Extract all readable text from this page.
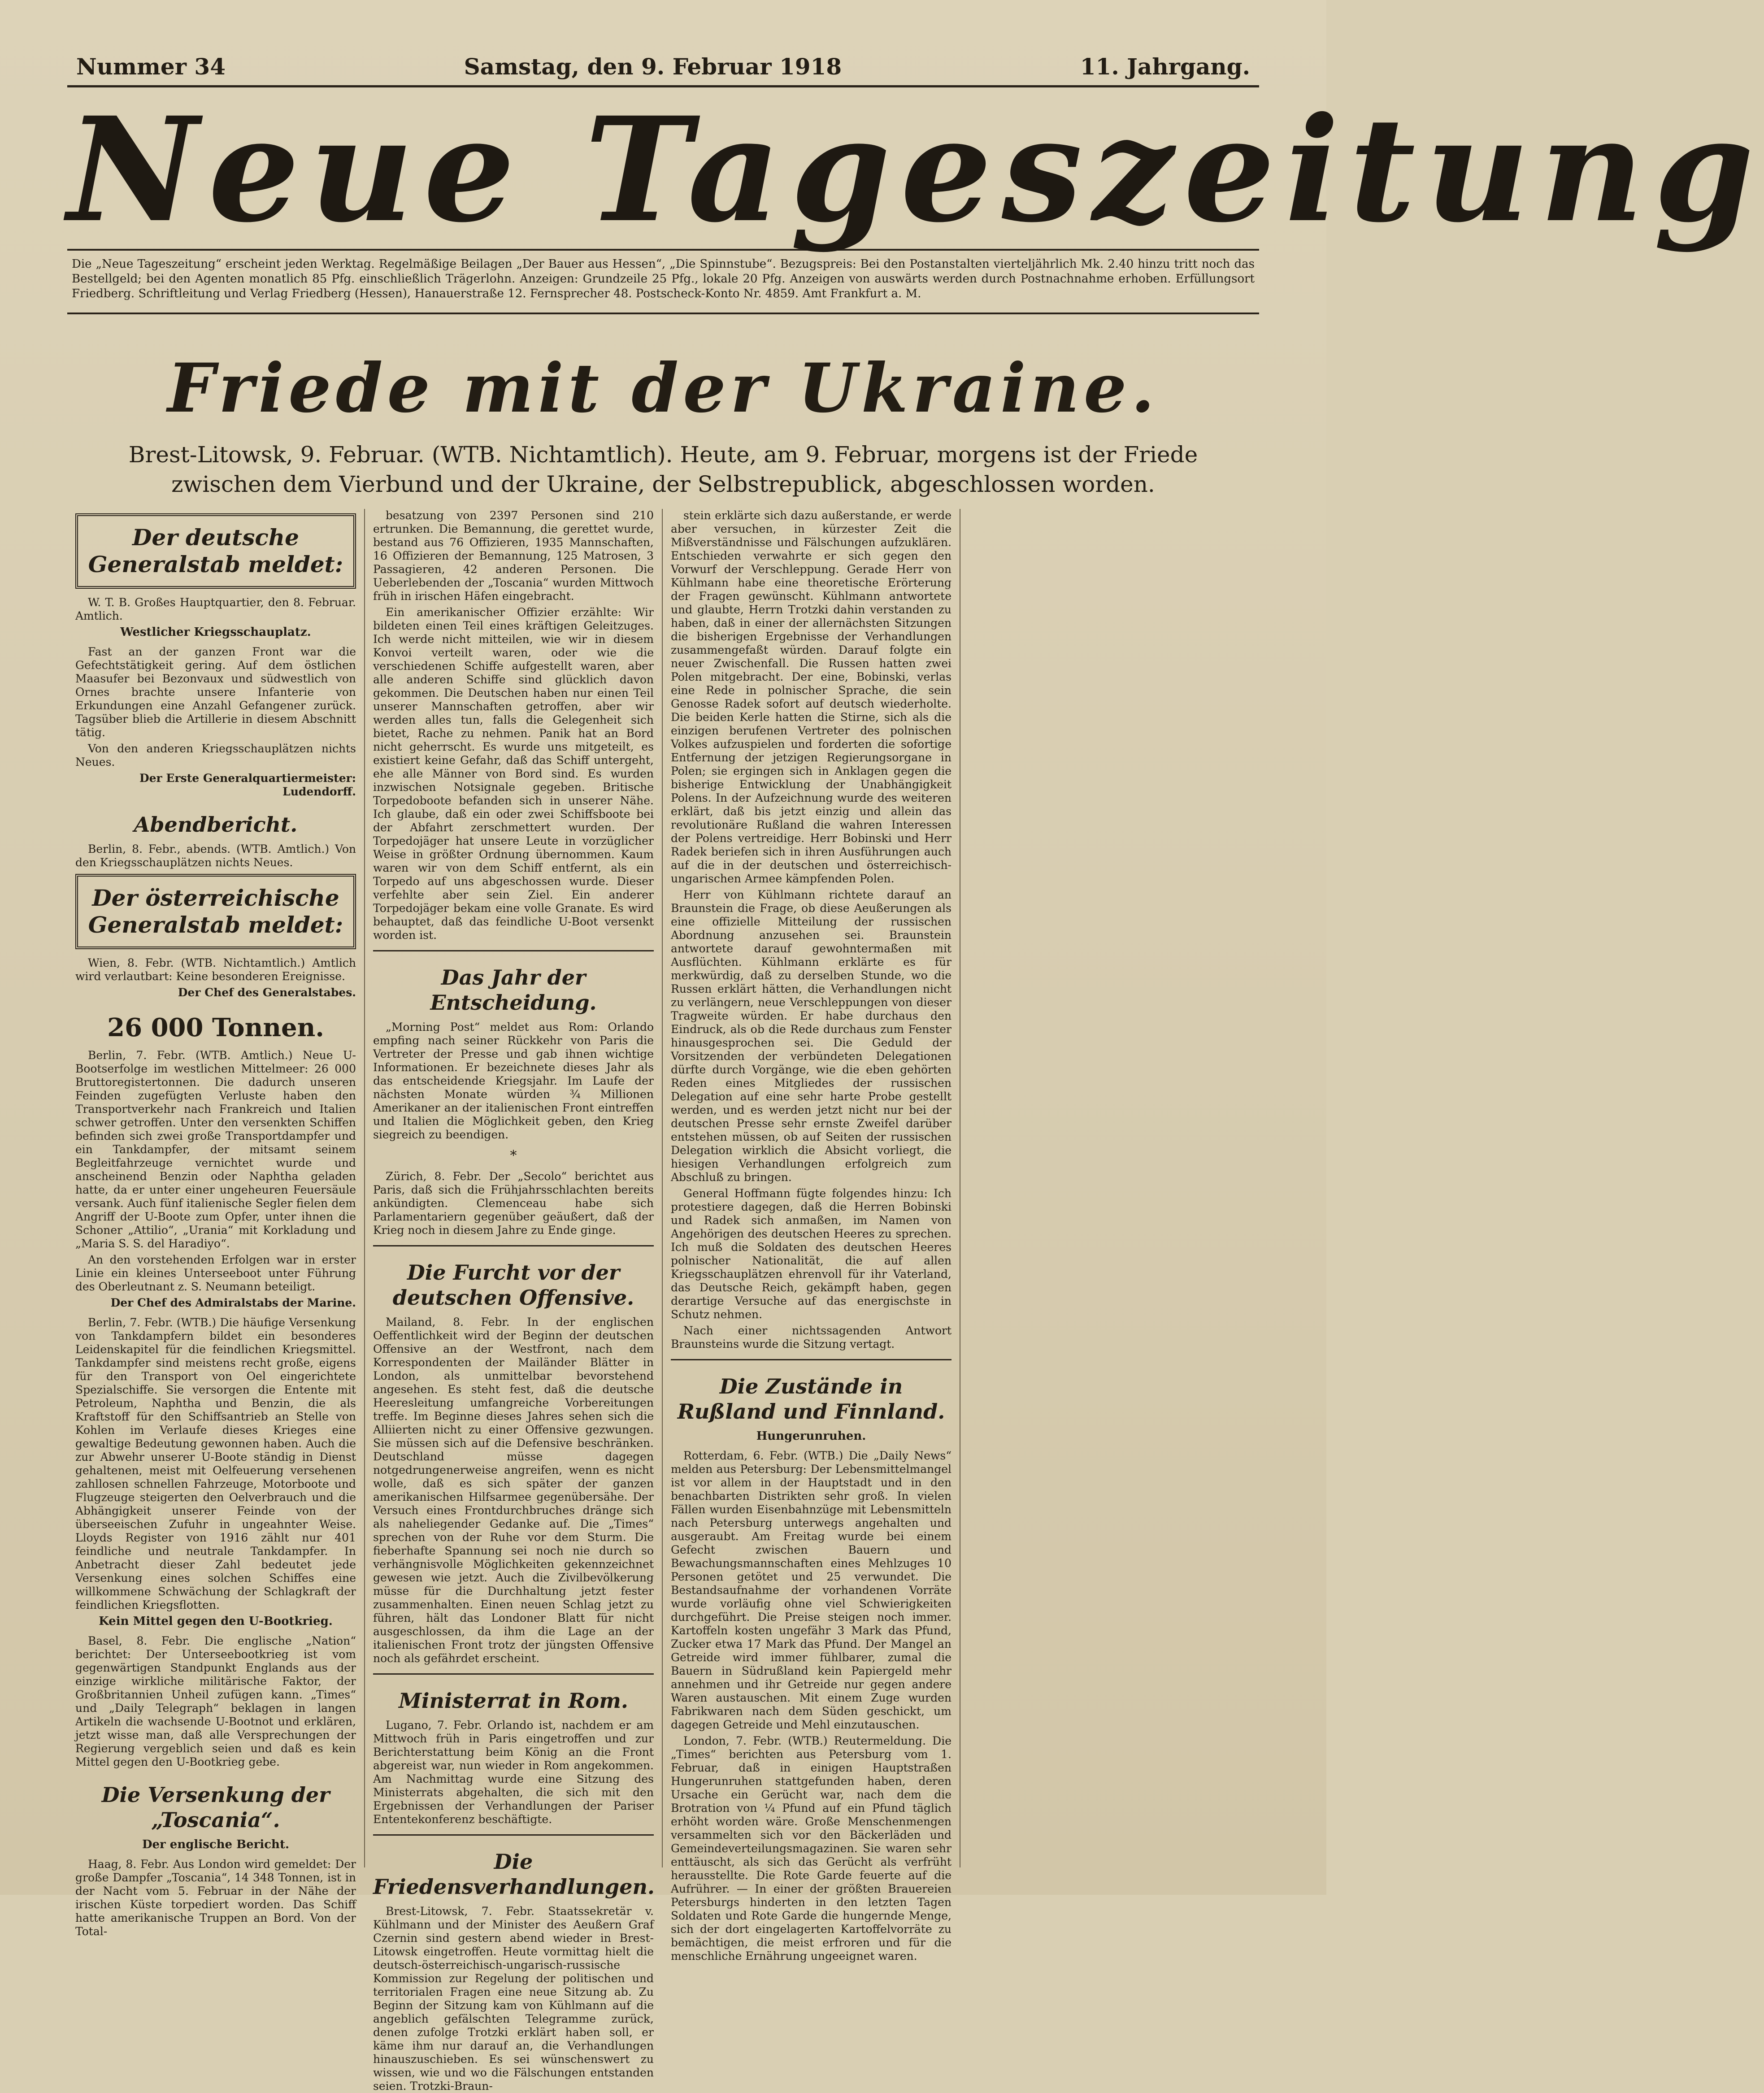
Nummer 34	Samstag, den 9. Februar 1918	11. Jahrgang.
Neue Tageszeitung
Die „Neue Tageszeitung“ erscheint jeden Werktag. Regelmäßige Beilagen „Der Bauer aus Hessen“, „Die Spinnstube“. Bezugspreis: Bei den Postanstalten vierteljährlich Mk. 2.40 hinzu tritt noch das Bestellgeld; bei den Agenten monatlich 85 Pfg. einschließlich Trägerlohn. Anzeigen: Grundzeile 25 Pfg., lokale 20 Pfg. Anzeigen von auswärts werden durch Postnachnahme erhoben. Erfüllungsort Friedberg. Schriftleitung und Verlag Friedberg (Hessen), Hanauerstraße 12. Fernsprecher 48. Postscheck-Konto Nr. 4859. Amt Frankfurt a. M.
Friede mit der Ukraine.
Brest-Litowsk, 9. Februar. (WTB. Nichtamtlich). Heute, am 9. Februar, morgens ist der Friede zwischen dem Vierbund und der Ukraine, der Selbstrepublick, abgeschlossen worden.
Der deutsche Generalstab meldet:

W. T. B. Großes Hauptquartier, den 8. Februar. Amtlich.

Westlicher Kriegsschauplatz.

Fast an der ganzen Front war die Gefechtstätigkeit gering. Auf dem östlichen Maasufer bei Bezonvaux und südwestlich von Ornes brachte unsere Infanterie von Erkundungen eine Anzahl Gefangener zurück. Tagsüber blieb die Artillerie in diesem Abschnitt tätig.

Von den anderen Kriegsschauplätzen nichts Neues.

Der Erste Generalquartiermeister: Ludendorff.
Abendbericht.

Berlin, 8. Febr., abends. (WTB. Amtlich.) Von den Kriegsschauplätzen nichts Neues.

Der österreichische Generalstab meldet:

Wien, 8. Febr. (WTB. Nichtamtlich.) Amtlich wird verlautbart: Keine besonderen Ereignisse.

Der Chef des Generalstabes.
26 000 Tonnen.

Berlin, 7. Febr. (WTB. Amtlich.) Neue U-Bootserfolge im westlichen Mittelmeer: 26 000 Bruttoregistertonnen. Die dadurch unseren Feinden zugefügten Verluste haben den Transportverkehr nach Frankreich und Italien schwer getroffen. Unter den versenkten Schiffen befinden sich zwei große Transportdampfer und ein Tankdampfer, der mitsamt seinem Begleitfahrzeuge vernichtet wurde und anscheinend Benzin oder Naphtha geladen hatte, da er unter einer ungeheuren Feuersäule versank. Auch fünf italienische Segler fielen dem Angriff der U-Boote zum Opfer, unter ihnen die Schoner „Attilio“, „Urania“ mit Korkladung und „Maria S. S. del Haradiyo“.

An den vorstehenden Erfolgen war in erster Linie ein kleines Unterseeboot unter Führung des Oberleutnant z. S. Neumann beteiligt.

Der Chef des Admiralstabs der Marine.

Berlin, 7. Febr. (WTB.) Die häufige Versenkung von Tankdampfern bildet ein besonderes Leidenskapitel für die feindlichen Kriegsmittel. Tankdampfer sind meistens recht große, eigens für den Transport von Oel eingerichtete Spezialschiffe. Sie versorgen die Entente mit Petroleum, Naphtha und Benzin, die als Kraftstoff für den Schiffsantrieb an Stelle von Kohlen im Verlaufe dieses Krieges eine gewaltige Bedeutung gewonnen haben. Auch die zur Abwehr unserer U-Boote ständig in Dienst gehaltenen, meist mit Oelfeuerung versehenen zahllosen schnellen Fahrzeuge, Motorboote und Flugzeuge steigerten den Oelverbrauch und die Abhängigkeit unserer Feinde von der überseeischen Zufuhr in ungeahnter Weise. Lloyds Register von 1916 zählt nur 401 feindliche und neutrale Tankdampfer. In Anbetracht dieser Zahl bedeutet jede Versenkung eines solchen Schiffes eine willkommene Schwächung der Schlagkraft der feindlichen Kriegsflotten.

Kein Mittel gegen den U-Bootkrieg.

Basel, 8. Febr. Die englische „Nation“ berichtet: Der Unterseebootkrieg ist vom gegenwärtigen Standpunkt Englands aus der einzige wirkliche militärische Faktor, der Großbritannien Unheil zufügen kann. „Times“ und „Daily Telegraph“ beklagen in langen Artikeln die wachsende U-Bootnot und erklären, jetzt wisse man, daß alle Versprechungen der Regierung vergeblich seien und daß es kein Mittel gegen den U-Bootkrieg gebe.

Die Versenkung der „Toscania“.
Der englische Bericht.

Haag, 8. Febr. Aus London wird gemeldet: Der große Dampfer „Toscania“, 14 348 Tonnen, ist in der Nacht vom 5. Februar in der Nähe der irischen Küste torpediert worden. Das Schiff hatte amerikanische Truppen an Bord. Von der Total-

besatzung von 2397 Personen sind 210 ertrunken. Die Bemannung, die gerettet wurde, bestand aus 76 Offizieren, 1935 Mannschaften, 16 Offizieren der Bemannung, 125 Matrosen, 3 Passagieren, 42 anderen Personen. Die Ueberlebenden der „Toscania“ wurden Mittwoch früh in irischen Häfen eingebracht.

Ein amerikanischer Offizier erzählte: Wir bildeten einen Teil eines kräftigen Geleitzuges. Ich werde nicht mitteilen, wie wir in diesem Konvoi verteilt waren, oder wie die verschiedenen Schiffe aufgestellt waren, aber alle anderen Schiffe sind glücklich davon gekommen. Die Deutschen haben nur einen Teil unserer Mannschaften getroffen, aber wir werden alles tun, falls die Gelegenheit sich bietet, Rache zu nehmen. Panik hat an Bord nicht geherrscht. Es wurde uns mitgeteilt, es existiert keine Gefahr, daß das Schiff untergeht, ehe alle Männer von Bord sind. Es wurden inzwischen Notsignale gegeben. Britische Torpedoboote befanden sich in unserer Nähe. Ich glaube, daß ein oder zwei Schiffsboote bei der Abfahrt zerschmettert wurden. Der Torpedojäger hat unsere Leute in vorzüglicher Weise in größter Ordnung übernommen. Kaum waren wir von dem Schiff entfernt, als ein Torpedo auf uns abgeschossen wurde. Dieser verfehlte aber sein Ziel. Ein anderer Torpedojäger bekam eine volle Granate. Es wird behauptet, daß das feindliche U-Boot versenkt worden ist.

Das Jahr der Entscheidung.

„Morning Post“ meldet aus Rom: Orlando empfing nach seiner Rückkehr von Paris die Vertreter der Presse und gab ihnen wichtige Informationen. Er bezeichnete dieses Jahr als das entscheidende Kriegsjahr. Im Laufe der nächsten Monate würden ¾ Millionen Amerikaner an der italienischen Front eintreffen und Italien die Möglichkeit geben, den Krieg siegreich zu beendigen.

*

Zürich, 8. Febr. Der „Secolo“ berichtet aus Paris, daß sich die Frühjahrsschlachten bereits ankündigten. Clemenceau habe sich Parlamentariern gegenüber geäußert, daß der Krieg noch in diesem Jahre zu Ende ginge.

Die Furcht vor der deutschen Offensive.

Mailand, 8. Febr. In der englischen Oeffentlichkeit wird der Beginn der deutschen Offensive an der Westfront, nach dem Korrespondenten der Mailänder Blätter in London, als unmittelbar bevorstehend angesehen. Es steht fest, daß die deutsche Heeresleitung umfangreiche Vorbereitungen treffe. Im Beginne dieses Jahres sehen sich die Alliierten nicht zu einer Offensive gezwungen. Sie müssen sich auf die Defensive beschränken. Deutschland müsse dagegen notgedrungenerweise angreifen, wenn es nicht wolle, daß es sich später der ganzen amerikanischen Hilfsarmee gegenübersähe. Der Versuch eines Frontdurchbruches dränge sich als naheliegender Gedanke auf. Die „Times“ sprechen von der Ruhe vor dem Sturm. Die fieberhafte Spannung sei noch nie durch so verhängnisvolle Möglichkeiten gekennzeichnet gewesen wie jetzt. Auch die Zivilbevölkerung müsse für die Durchhaltung jetzt fester zusammenhalten. Einen neuen Schlag jetzt zu führen, hält das Londoner Blatt für nicht ausgeschlossen, da ihm die Lage an der italienischen Front trotz der jüngsten Offensive noch als gefährdet erscheint.

Ministerrat in Rom.

Lugano, 7. Febr. Orlando ist, nachdem er am Mittwoch früh in Paris eingetroffen und zur Berichterstattung beim König an die Front abgereist war, nun wieder in Rom angekommen. Am Nachmittag wurde eine Sitzung des Ministerrats abgehalten, die sich mit den Ergebnissen der Verhandlungen der Pariser Ententekonferenz beschäftigte.

Die Friedensverhandlungen.

Brest-Litowsk, 7. Febr. Staatssekretär v. Kühlmann und der Minister des Aeußern Graf Czernin sind gestern abend wieder in Brest-Litowsk eingetroffen. Heute vormittag hielt die deutsch-österreichisch-ungarisch-russische Kommission zur Regelung der politischen und territorialen Fragen eine neue Sitzung ab. Zu Beginn der Sitzung kam von Kühlmann auf die angeblich gefälschten Telegramme zurück, denen zufolge Trotzki erklärt haben soll, er käme ihm nur darauf an, die Verhandlungen hinauszuschieben. Es sei wünschenswert zu wissen, wie und wo die Fälschungen entstanden seien. Trotzki-Braun-

stein erklärte sich dazu außerstande, er werde aber versuchen, in kürzester Zeit die Mißverständnisse und Fälschungen aufzuklären. Entschieden verwahrte er sich gegen den Vorwurf der Verschleppung. Gerade Herr von Kühlmann habe eine theoretische Erörterung der Fragen gewünscht. Kühlmann antwortete und glaubte, Herrn Trotzki dahin verstanden zu haben, daß in einer der allernächsten Sitzungen die bisherigen Ergebnisse der Verhandlungen zusammengefaßt würden. Darauf folgte ein neuer Zwischenfall. Die Russen hatten zwei Polen mitgebracht. Der eine, Bobinski, verlas eine Rede in polnischer Sprache, die sein Genosse Radek sofort auf deutsch wiederholte. Die beiden Kerle hatten die Stirne, sich als die einzigen berufenen Vertreter des polnischen Volkes aufzuspielen und forderten die sofortige Entfernung der jetzigen Regierungsorgane in Polen; sie ergingen sich in Anklagen gegen die bisherige Entwicklung der Unabhängigkeit Polens. In der Aufzeichnung wurde des weiteren erklärt, daß bis jetzt einzig und allein das revolutionäre Rußland die wahren Interessen der Polens vertreidige. Herr Bobinski und Herr Radek beriefen sich in ihren Ausführungen auch auf die in der deutschen und österreichisch-ungarischen Armee kämpfenden Polen.

Herr von Kühlmann richtete darauf an Braunstein die Frage, ob diese Aeußerungen als eine offizielle Mitteilung der russischen Abordnung anzusehen sei. Braunstein antwortete darauf gewohntermaßen mit Ausflüchten. Kühlmann erklärte es für merkwürdig, daß zu derselben Stunde, wo die Russen erklärt hätten, die Verhandlungen nicht zu verlängern, neue Verschleppungen von dieser Tragweite würden. Er habe durchaus den Eindruck, als ob die Rede durchaus zum Fenster hinausgesprochen sei. Die Geduld der Vorsitzenden der verbündeten Delegationen dürfte durch Vorgänge, wie die eben gehörten Reden eines Mitgliedes der russischen Delegation auf eine sehr harte Probe gestellt werden, und es werden jetzt nicht nur bei der deutschen Presse sehr ernste Zweifel darüber entstehen müssen, ob auf Seiten der russischen Delegation wirklich die Absicht vorliegt, die hiesigen Verhandlungen erfolgreich zum Abschluß zu bringen.

General Hoffmann fügte folgendes hinzu: Ich protestiere dagegen, daß die Herren Bobinski und Radek sich anmaßen, im Namen von Angehörigen des deutschen Heeres zu sprechen. Ich muß die Soldaten des deutschen Heeres polnischer Nationalität, die auf allen Kriegsschauplätzen ehrenvoll für ihr Vaterland, das Deutsche Reich, gekämpft haben, gegen derartige Versuche auf das energischste in Schutz nehmen.

Nach einer nichtssagenden Antwort Braunsteins wurde die Sitzung vertagt.

Die Zustände in Rußland und Finnland.
Hungerunruhen.

Rotterdam, 6. Febr. (WTB.) Die „Daily News“ melden aus Petersburg: Der Lebensmittelmangel ist vor allem in der Hauptstadt und in den benachbarten Distrikten sehr groß. In vielen Fällen wurden Eisenbahnzüge mit Lebensmitteln nach Petersburg unterwegs angehalten und ausgeraubt. Am Freitag wurde bei einem Gefecht zwischen Bauern und Bewachungsmannschaften eines Mehlzuges 10 Personen getötet und 25 verwundet. Die Bestandsaufnahme der vorhandenen Vorräte wurde vorläufig ohne viel Schwierigkeiten durchgeführt. Die Preise steigen noch immer. Kartoffeln kosten ungefähr 3 Mark das Pfund, Zucker etwa 17 Mark das Pfund. Der Mangel an Getreide wird immer fühlbarer, zumal die Bauern in Südrußland kein Papiergeld mehr annehmen und ihr Getreide nur gegen andere Waren austauschen. Mit einem Zuge wurden Fabrikwaren nach dem Süden geschickt, um dagegen Getreide und Mehl einzutauschen.

London, 7. Febr. (WTB.) Reutermeldung. Die „Times“ berichten aus Petersburg vom 1. Februar, daß in einigen Hauptstraßen Hungerunruhen stattgefunden haben, deren Ursache ein Gerücht war, nach dem die Brotration von ¼ Pfund auf ein Pfund täglich erhöht worden wäre. Große Menschenmengen versammelten sich vor den Bäckerläden und Gemeindeverteilungsmagazinen. Sie waren sehr enttäuscht, als sich das Gerücht als verfrüht herausstellte. Die Rote Garde feuerte auf die Aufrührer. — In einer der größten Brauereien Petersburgs hinderten in den letzten Tagen Soldaten und Rote Garde die hungernde Menge, sich der dort eingelagerten Kartoffelvorräte zu bemächtigen, die meist erfroren und für die menschliche Ernährung ungeeignet waren.
